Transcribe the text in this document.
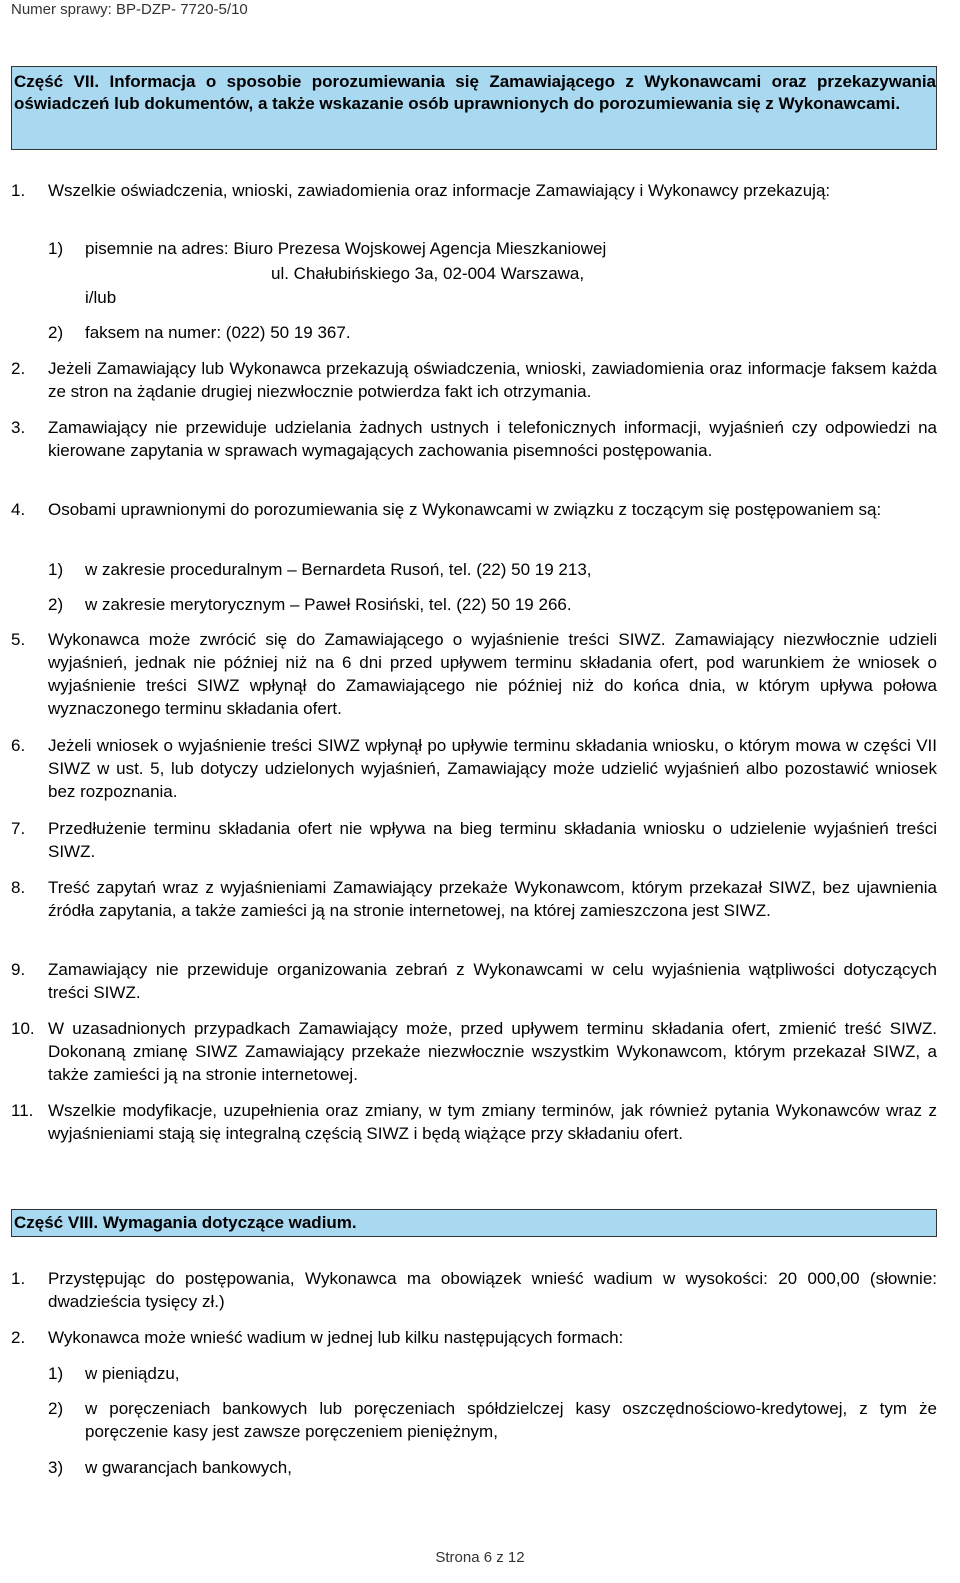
Numer sprawy: BP-DZP- 7720-5/10
Część VII. Informacja o sposobie porozumiewania się Zamawiającego z Wykonawcami oraz przekazywania oświadczeń lub dokumentów, a także wskazanie osób uprawnionych do porozumiewania się z Wykonawcami.
1. Wszelkie oświadczenia, wnioski, zawiadomienia oraz informacje Zamawiający i Wykonawcy przekazują:
1) pisemnie na adres: Biuro Prezesa Wojskowej Agencja Mieszkaniowej
ul. Chałubińskiego 3a, 02-004 Warszawa,
i/lub
2) faksem na numer: (022) 50 19 367.
2. Jeżeli Zamawiający lub Wykonawca przekazują oświadczenia, wnioski, zawiadomienia oraz informacje faksem każda ze stron na żądanie drugiej niezwłocznie potwierdza fakt ich otrzymania.
3. Zamawiający nie przewiduje udzielania żadnych ustnych i telefonicznych informacji, wyjaśnień czy odpowiedzi na kierowane zapytania w sprawach wymagających zachowania pisemności postępowania.
4. Osobami uprawnionymi do porozumiewania się z Wykonawcami w związku z toczącym się postępowaniem są:
1) w zakresie proceduralnym – Bernardeta Rusoń, tel. (22) 50 19 213,
2) w zakresie merytorycznym – Paweł Rosiński, tel. (22) 50 19 266.
5. Wykonawca może zwrócić się do Zamawiającego o wyjaśnienie treści SIWZ. Zamawiający niezwłocznie udzieli wyjaśnień, jednak nie później niż na 6 dni przed upływem terminu składania ofert, pod warunkiem że wniosek o wyjaśnienie treści SIWZ wpłynął do Zamawiającego nie później niż do końca dnia, w którym upływa połowa wyznaczonego terminu składania ofert.
6. Jeżeli wniosek o wyjaśnienie treści SIWZ wpłynął po upływie terminu składania wniosku, o którym mowa w części VII SIWZ w ust. 5, lub dotyczy udzielonych wyjaśnień, Zamawiający może udzielić wyjaśnień albo pozostawić wniosek bez rozpoznania.
7. Przedłużenie terminu składania ofert nie wpływa na bieg terminu składania wniosku o udzielenie wyjaśnień treści SIWZ.
8. Treść zapytań wraz z wyjaśnieniami Zamawiający przekaże Wykonawcom, którym przekazał SIWZ, bez ujawnienia źródła zapytania, a także zamieści ją na stronie internetowej, na której zamieszczona jest SIWZ.
9. Zamawiający nie przewiduje organizowania zebrań z Wykonawcami w celu wyjaśnienia wątpliwości dotyczących treści SIWZ.
10. W uzasadnionych przypadkach Zamawiający może, przed upływem terminu składania ofert, zmienić treść SIWZ. Dokonaną zmianę SIWZ Zamawiający przekaże niezwłocznie wszystkim Wykonawcom, którym przekazał SIWZ, a także zamieści ją na stronie internetowej.
11. Wszelkie modyfikacje, uzupełnienia oraz zmiany, w tym zmiany terminów, jak również pytania Wykonawców wraz z wyjaśnieniami stają się integralną częścią SIWZ i będą wiążące przy składaniu ofert.
Część VIII. Wymagania dotyczące wadium.
1. Przystępując do postępowania, Wykonawca ma obowiązek wnieść wadium w wysokości: 20 000,00 (słownie: dwadzieścia tysięcy zł.)
2. Wykonawca może wnieść wadium w jednej lub kilku następujących formach:
1) w pieniądzu,
2) w poręczeniach bankowych lub poręczeniach spółdzielczej kasy oszczędnościowo-kredytowej, z tym że poręczenie kasy jest zawsze poręczeniem pieniężnym,
3) w gwarancjach bankowych,
Strona 6 z 12
